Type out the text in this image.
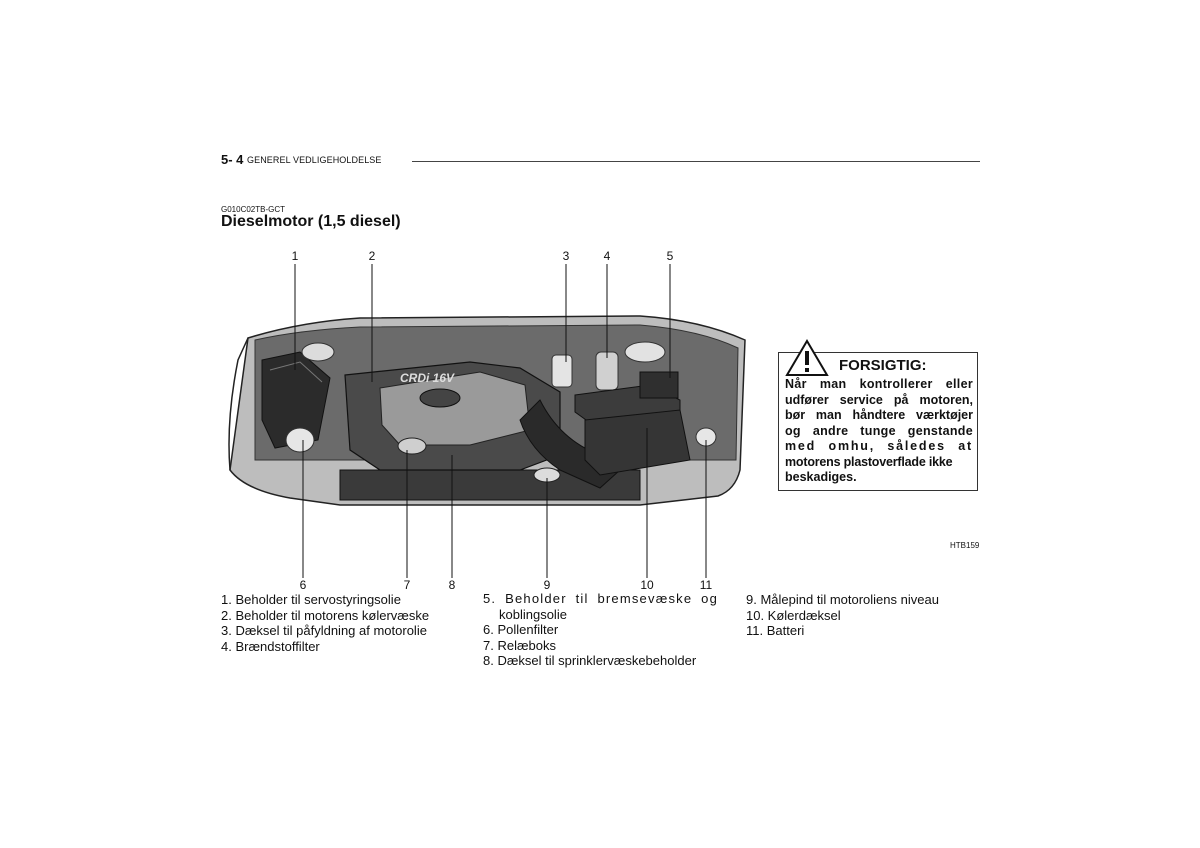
5- 4 GENEREL VEDLIGEHOLDELSE
G010C02TB-GCT
Dieselmotor (1,5 diesel)
1	2	3	4	5
6	7	8	9	10	11
CRDi 16V
HTB159
FORSIGTIG:
Når man kontrollerer eller
udfører service på motoren,
bør man håndtere værktøjer
og andre tunge genstande
med omhu, således at
motorens plastoverflade ikke
beskadiges.
1. Beholder til servostyringsolie
2. Beholder til motorens kølervæske
3. Dæksel til påfyldning af motorolie
4. Brændstoffilter
5. Beholder til bremsevæske og
koblingsolie
6. Pollenfilter
7. Relæboks
8. Dæksel til sprinklervæskebeholder
9. Målepind til motoroliens niveau
10. Kølerdæksel
11. Batteri
